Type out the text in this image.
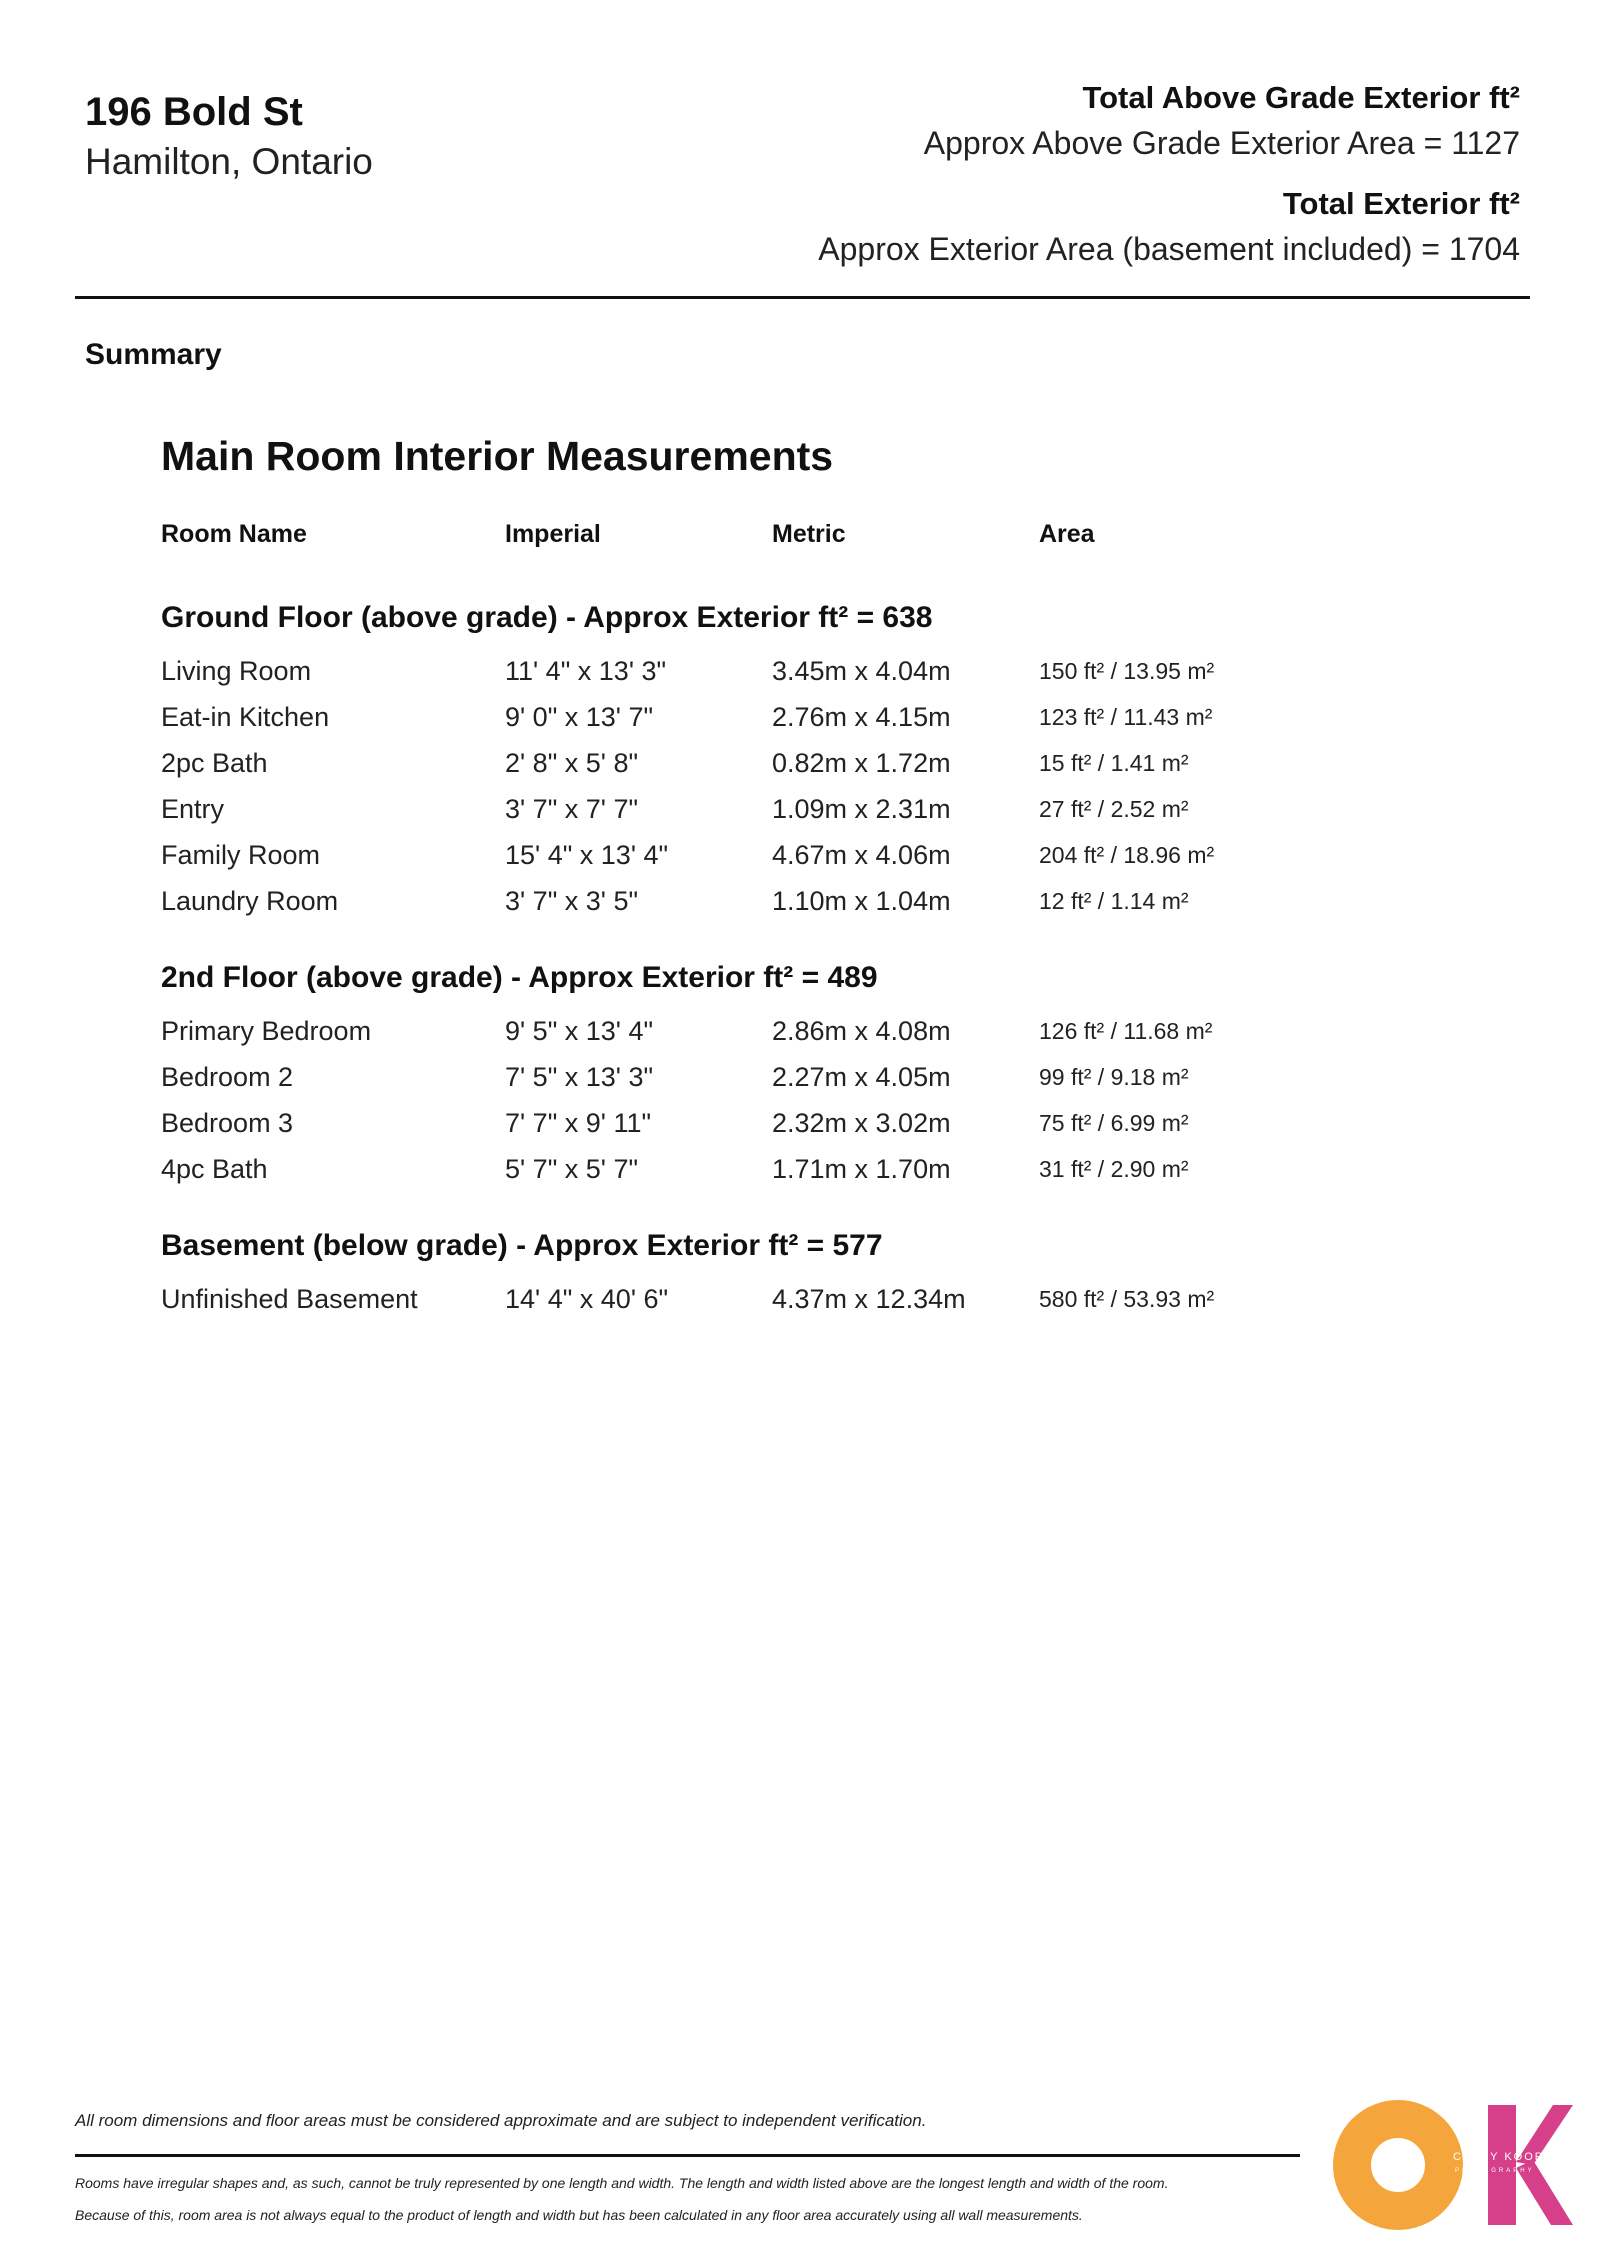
196 Bold St
Hamilton, Ontario
Total Above Grade Exterior ft²
Approx Above Grade Exterior Area = 1127
Total Exterior ft²
Approx Exterior Area (basement included) = 1704
Summary
Main Room Interior Measurements
Room Name	Imperial	Metric	Area
Ground Floor (above grade) - Approx Exterior ft² = 638
Living Room	11' 4" x 13' 3"	3.45m x 4.04m	150 ft² / 13.95 m²
Eat-in Kitchen	9' 0" x 13' 7"	2.76m x 4.15m	123 ft² / 11.43 m²
2pc Bath	2' 8" x 5' 8"	0.82m x 1.72m	15 ft² / 1.41 m²
Entry	3' 7" x 7' 7"	1.09m x 2.31m	27 ft² / 2.52 m²
Family Room	15' 4" x 13' 4"	4.67m x 4.06m	204 ft² / 18.96 m²
Laundry Room	3' 7" x 3' 5"	1.10m x 1.04m	12 ft² / 1.14 m²
2nd Floor (above grade) - Approx Exterior ft² = 489
Primary Bedroom	9' 5" x 13' 4"	2.86m x 4.08m	126 ft² / 11.68 m²
Bedroom 2	7' 5" x 13' 3"	2.27m x 4.05m	99 ft² / 9.18 m²
Bedroom 3	7' 7" x 9' 11"	2.32m x 3.02m	75 ft² / 6.99 m²
4pc Bath	5' 7" x 5' 7"	1.71m x 1.70m	31 ft² / 2.90 m²
Basement (below grade) - Approx Exterior ft² = 577
Unfinished Basement	14' 4" x 40' 6"	4.37m x 12.34m	580 ft² / 53.93 m²
All room dimensions and floor areas must be considered approximate and are subject to independent verification.
Rooms have irregular shapes and, as such, cannot be truly represented by one length and width. The length and width listed above are the longest length and width of the room.
Because of this, room area is not always equal to the product of length and width but has been calculated in any floor area accurately using all wall measurements.
CATHY KOOP
PHOTOGRAPHY
